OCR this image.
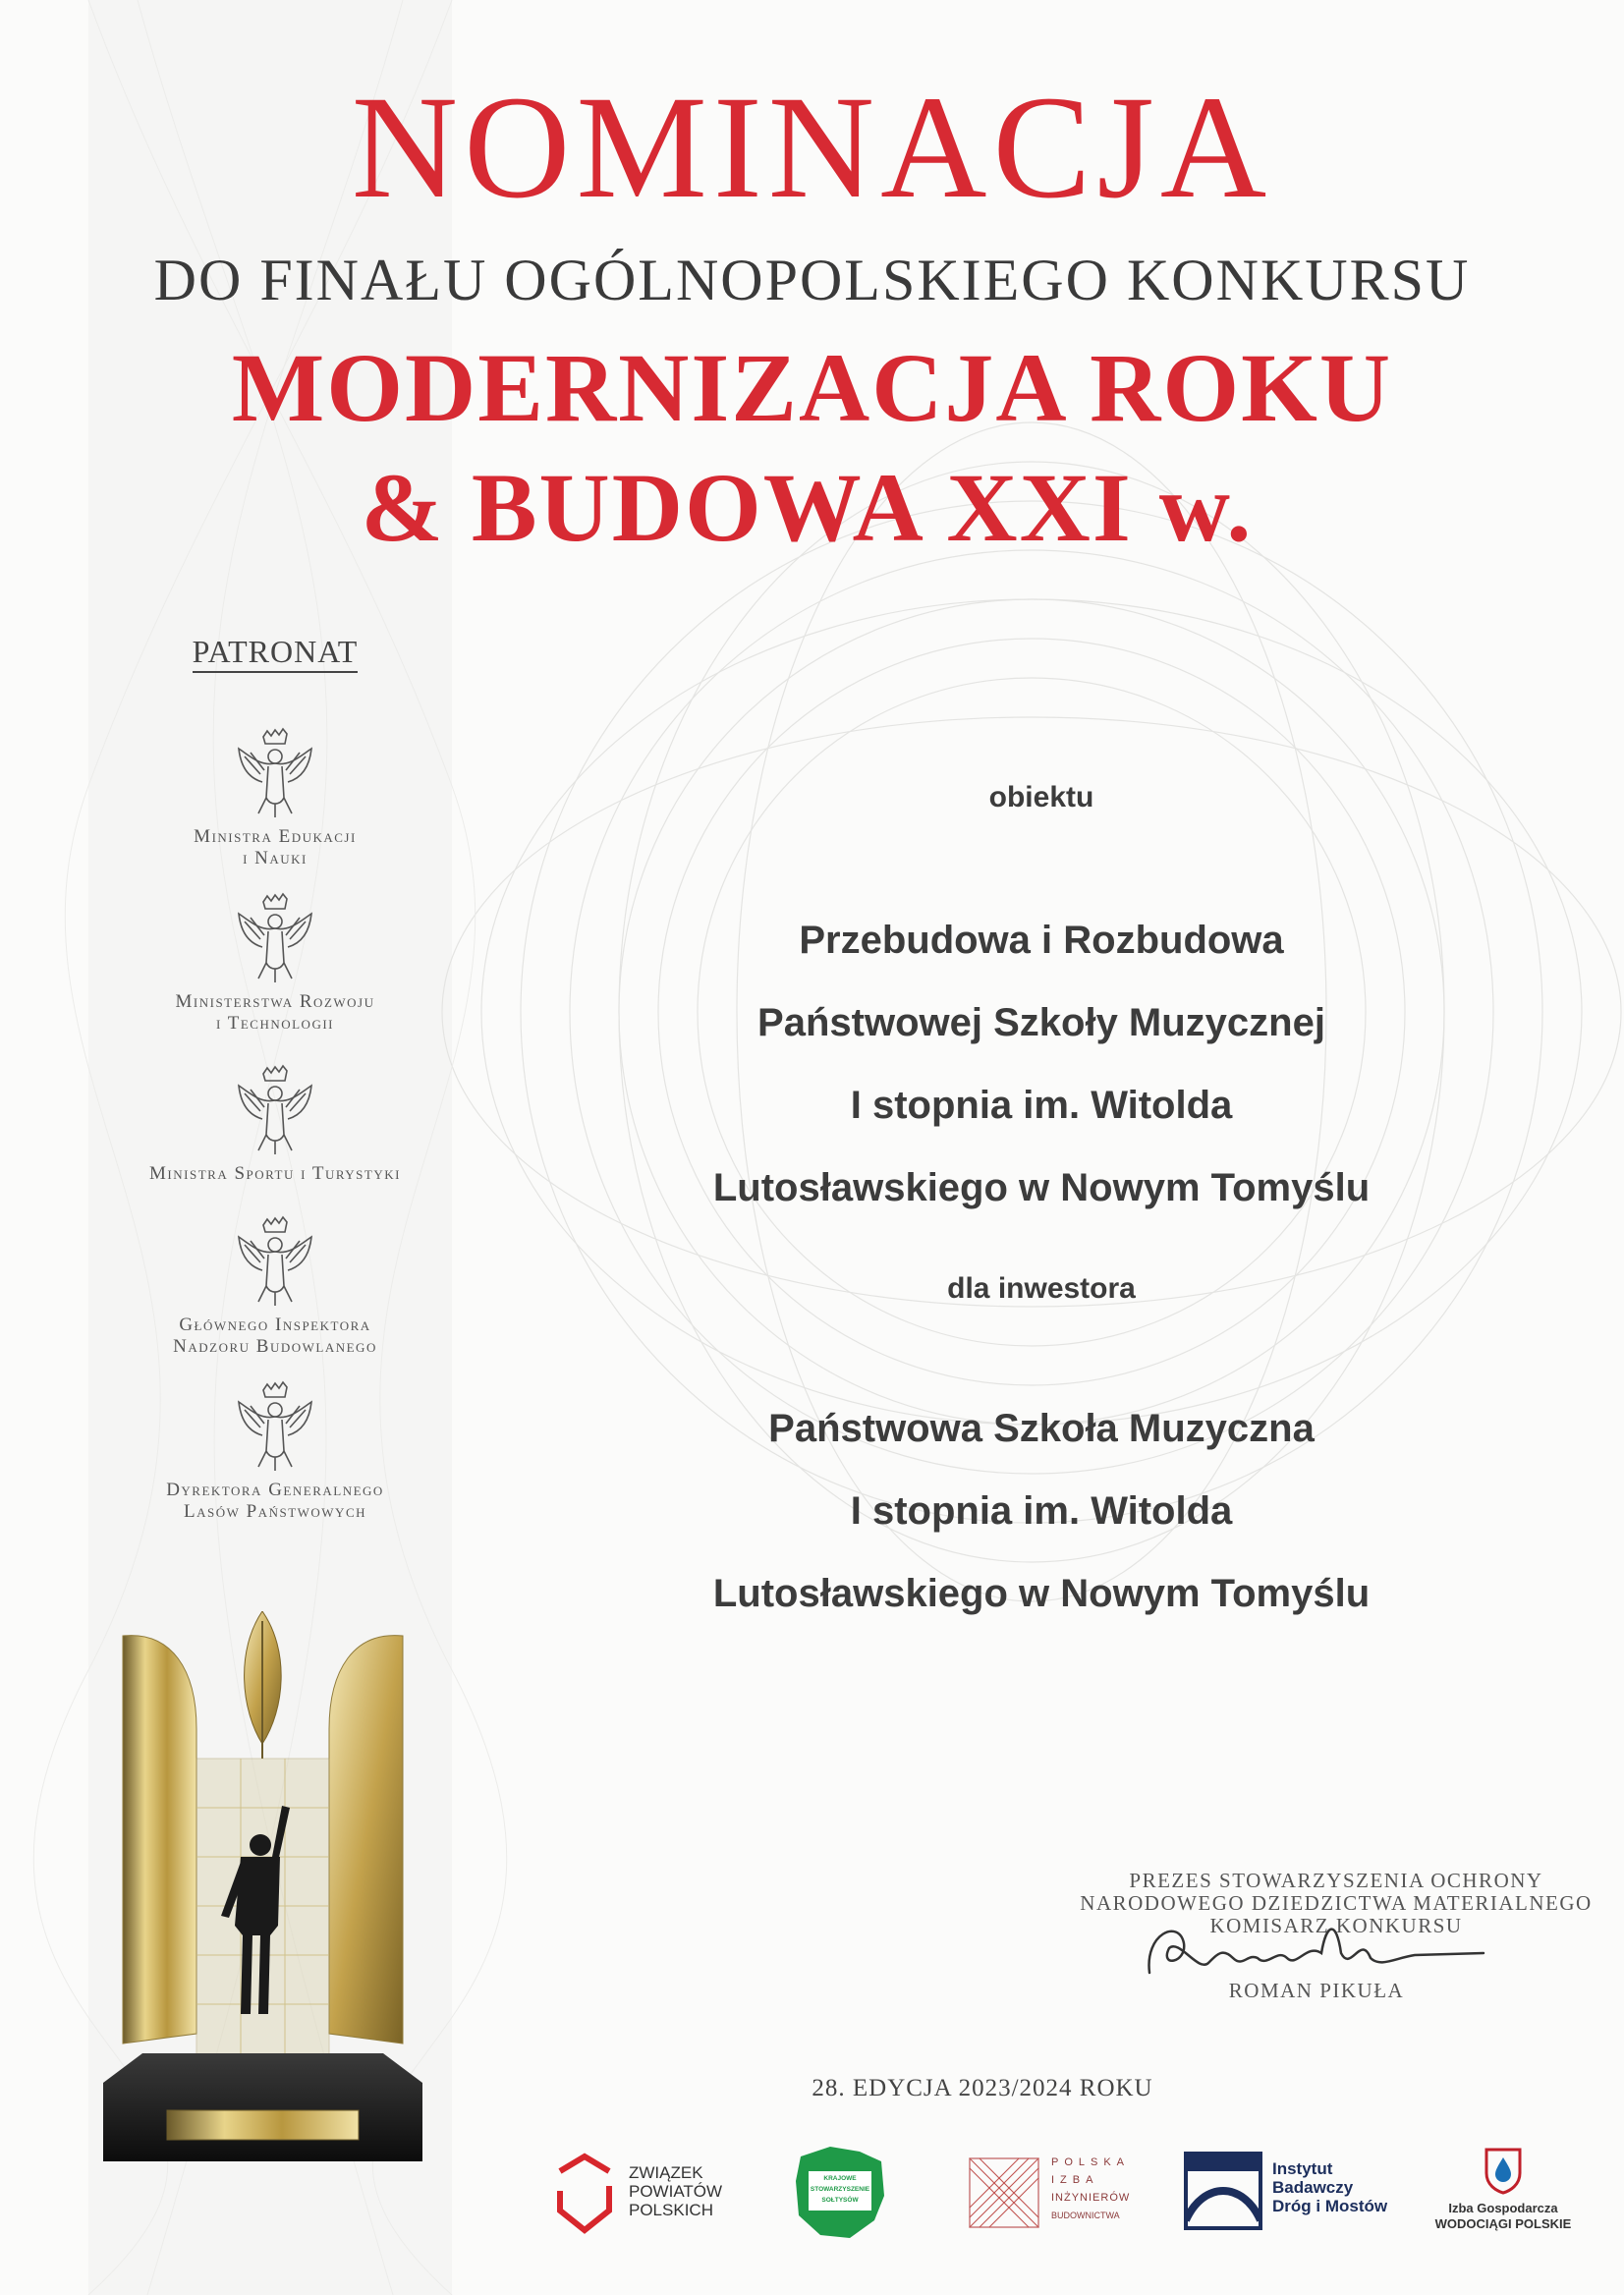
NOMINACJA
DO FINAŁU OGÓLNOPOLSKIEGO KONKURSU
MODERNIZACJA ROKU
& BUDOWA XXI w.
PATRONAT
Ministra Edukacji
i Nauki
Ministerstwa Rozwoju
i Technologii
Ministra Sportu i Turystyki
Głównego Inspektora
Nadzoru Budowlanego
Dyrektora Generalnego
Lasów Państwowych
obiektu
Przebudowa i Rozbudowa
Państwowej Szkoły Muzycznej
I stopnia im. Witolda
Lutosławskiego w Nowym Tomyślu
dla inwestora
Państwowa Szkoła Muzyczna
I stopnia im. Witolda
Lutosławskiego w Nowym Tomyślu
PREZES STOWARZYSZENIA OCHRONY
NARODOWEGO DZIEDZICTWA MATERIALNEGO
KOMISARZ KONKURSU
ROMAN PIKUŁA
28. EDYCJA 2023/2024 ROKU
ZWIĄZEK
POWIATÓW
POLSKICH
KRAJOWE
STOWARZYSZENIE
SOŁTYSÓW
POLSKA
IZBA
INŻYNIERÓW
BUDOWNICTWA
Instytut
Badawczy
Dróg i Mostów	Izba Gospodarcza
WODOCIĄGI POLSKIE
